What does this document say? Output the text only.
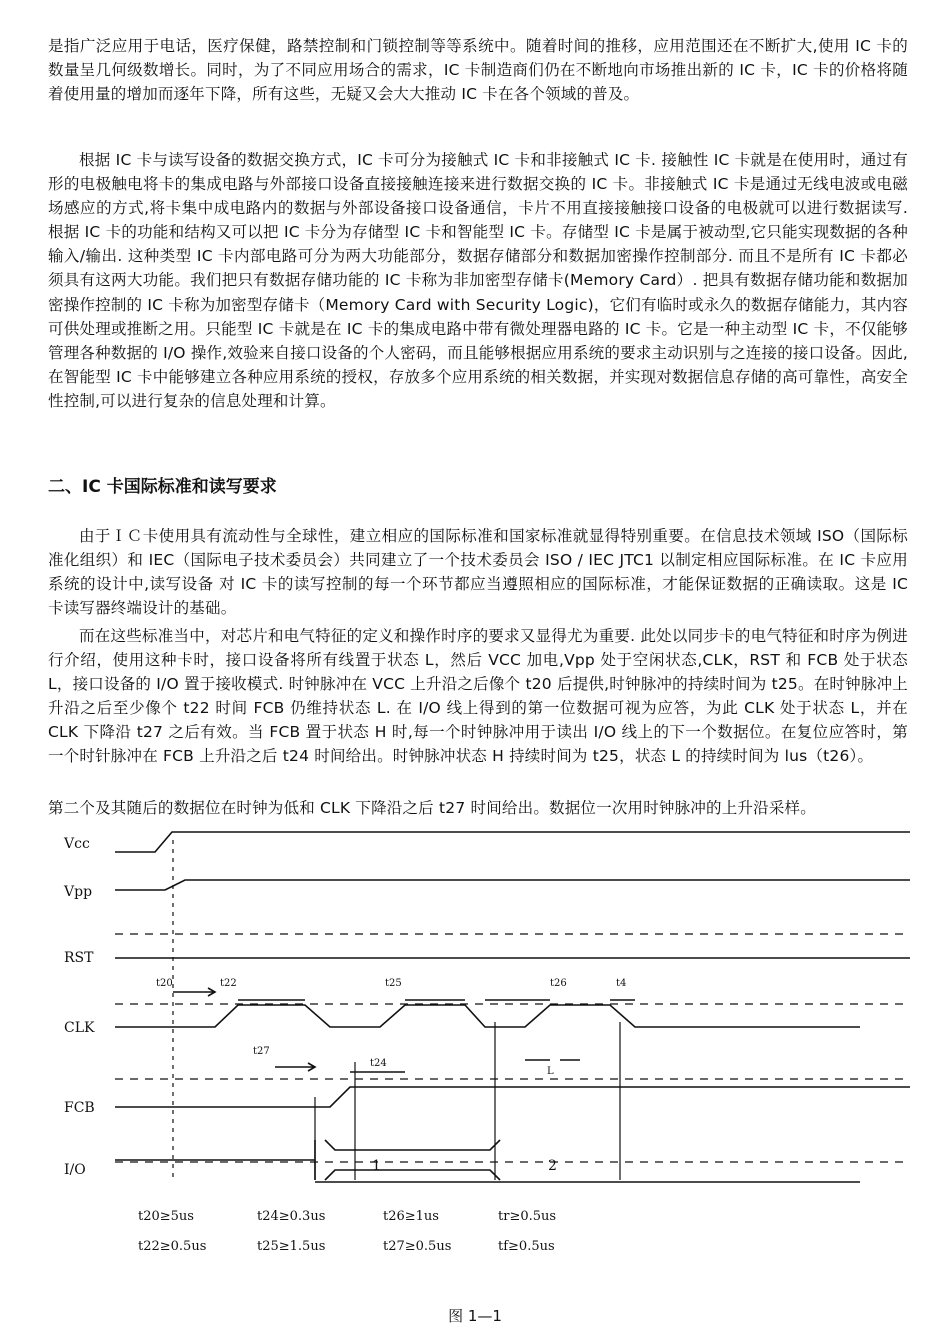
是指广泛应用于电话，医疗保健，路禁控制和门锁控制等等系统中。随着时间的推移，应用范围还在不断扩大,使用 IC 卡的数量呈几何级数增长。同时，为了不同应用场合的需求，IC 卡制造商们仍在不断地向市场推出新的 IC 卡，IC 卡的价格将随着使用量的增加而逐年下降，所有这些，无疑又会大大推动 IC 卡在各个领域的普及。

根据 IC 卡与读写设备的数据交换方式，IC 卡可分为接触式 IC 卡和非接触式 IC 卡. 接触性 IC 卡就是在使用时，通过有形的电极触电将卡的集成电路与外部接口设备直接接触连接来进行数据交换的 IC 卡。非接触式 IC 卡是通过无线电波或电磁场感应的方式,将卡集中成电路内的数据与外部设备接口设备通信，卡片不用直接接触接口设备的电极就可以进行数据读写. 根据 IC 卡的功能和结构又可以把 IC 卡分为存储型 IC 卡和智能型 IC 卡。存储型 IC 卡是属于被动型,它只能实现数据的各种输入/输出. 这种类型 IC 卡内部电路可分为两大功能部分，数据存储部分和数据加密操作控制部分. 而且不是所有 IC 卡都必须具有这两大功能。我们把只有数据存储功能的 IC 卡称为非加密型存储卡(Memory Card）. 把具有数据存储功能和数据加密操作控制的 IC 卡称为加密型存储卡（Memory Card with Security Logic)，它们有临时或永久的数据存储能力，其内容可供处理或推断之用。只能型 IC 卡就是在 IC 卡的集成电路中带有微处理器电路的 IC 卡。它是一种主动型 IC 卡，不仅能够管理各种数据的 I/O 操作,效验来自接口设备的个人密码，而且能够根据应用系统的要求主动识别与之连接的接口设备。因此,在智能型 IC 卡中能够建立各种应用系统的授权，存放多个应用系统的相关数据，并实现对数据信息存储的高可靠性，高安全性控制,可以进行复杂的信息处理和计算。

二、IC 卡国际标准和读写要求

由于ＩＣ卡使用具有流动性与全球性，建立相应的国际标准和国家标准就显得特别重要。在信息技术领域 ISO（国际标准化组织）和 IEC（国际电子技术委员会）共同建立了一个技术委员会 ISO / IEC JTC1 以制定相应国际标准。在 IC 卡应用系统的设计中,读写设备 对 IC 卡的读写控制的每一个环节都应当遵照相应的国际标准，才能保证数据的正确读取。这是 IC 卡读写器终端设计的基础。

而在这些标准当中，对芯片和电气特征的定义和操作时序的要求又显得尤为重要. 此处以同步卡的电气特征和时序为例进行介绍，使用这种卡时，接口设备将所有线置于状态 L，然后 VCC 加电,Vpp 处于空闲状态,CLK，RST 和 FCB 处于状态 L，接口设备的 I/O 置于接收模式. 时钟脉冲在 VCC 上升沿之后像个 t20 后提供,时钟脉冲的持续时间为 t25。在时钟脉冲上升沿之后至少像个 t22 时间 FCB 仍维持状态 L. 在 I/O 线上得到的第一位数据可视为应答，为此 CLK 处于状态 L，并在 CLK 下降沿 t27 之后有效。当 FCB 置于状态 H 时,每一个时钟脉冲用于读出 I/O 线上的下一个数据位。在复位应答时，第一个时针脉冲在 FCB 上升沿之后 t24 时间给出。时钟脉冲状态 H 持续时间为 t25，状态 L 的持续时间为 lus（t26）。

第二个及其随后的数据位在时钟为低和 CLK 下降沿之后 t27 时间给出。数据位一次用时钟脉冲的上升沿采样。

Vcc
Vpp
RST
CLK
FCB
I/O
t20	t22	t25	t26	t4
t27
t24
L
1	2
t20≥5us	t24≥0.3us	t26≥1us	tr≥0.5us
t22≥0.5us	t25≥1.5us	t27≥0.5us	tf≥0.5us

图 1—1
